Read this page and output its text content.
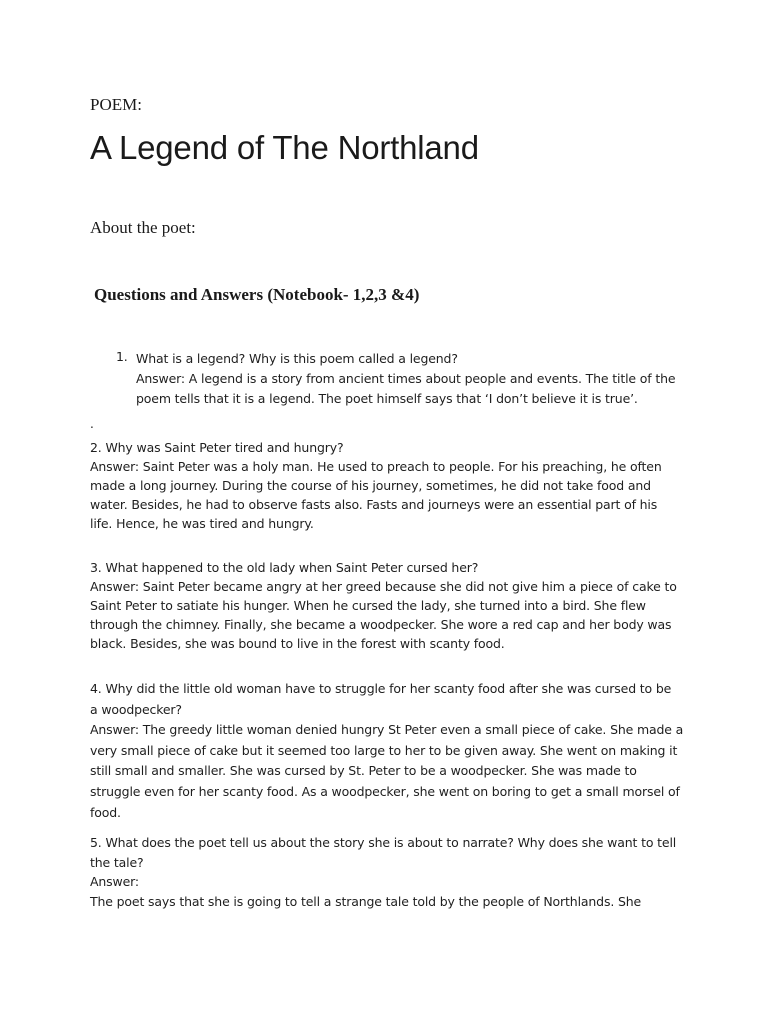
POEM:

A Legend of The Northland

About the poet:

Questions and Answers (Notebook- 1,2,3 &4)

1. What is a legend? Why is this poem called a legend?
Answer: A legend is a story from ancient times about people and events. The title of the
poem tells that it is a legend. The poet himself says that ‘I don’t believe it is true’.
.
2. Why was Saint Peter tired and hungry?
Answer: Saint Peter was a holy man. He used to preach to people. For his preaching, he often
made a long journey. During the course of his journey, sometimes, he did not take food and
water. Besides, he had to observe fasts also. Fasts and journeys were an essential part of his
life. Hence, he was tired and hungry.
3. What happened to the old lady when Saint Peter cursed her?
Answer: Saint Peter became angry at her greed because she did not give him a piece of cake to
Saint Peter to satiate his hunger. When he cursed the lady, she turned into a bird. She flew
through the chimney. Finally, she became a woodpecker. She wore a red cap and her body was
black. Besides, she was bound to live in the forest with scanty food.
4. Why did the little old woman have to struggle for her scanty food after she was cursed to be
a woodpecker?
Answer: The greedy little woman denied hungry St Peter even a small piece of cake. She made a
very small piece of cake but it seemed too large to her to be given away. She went on making it
still small and smaller. She was cursed by St. Peter to be a woodpecker. She was made to
struggle even for her scanty food. As a woodpecker, she went on boring to get a small morsel of
food.
5. What does the poet tell us about the story she is about to narrate? Why does she want to tell
the tale?
Answer:
The poet says that she is going to tell a strange tale told by the people of Northlands. She
